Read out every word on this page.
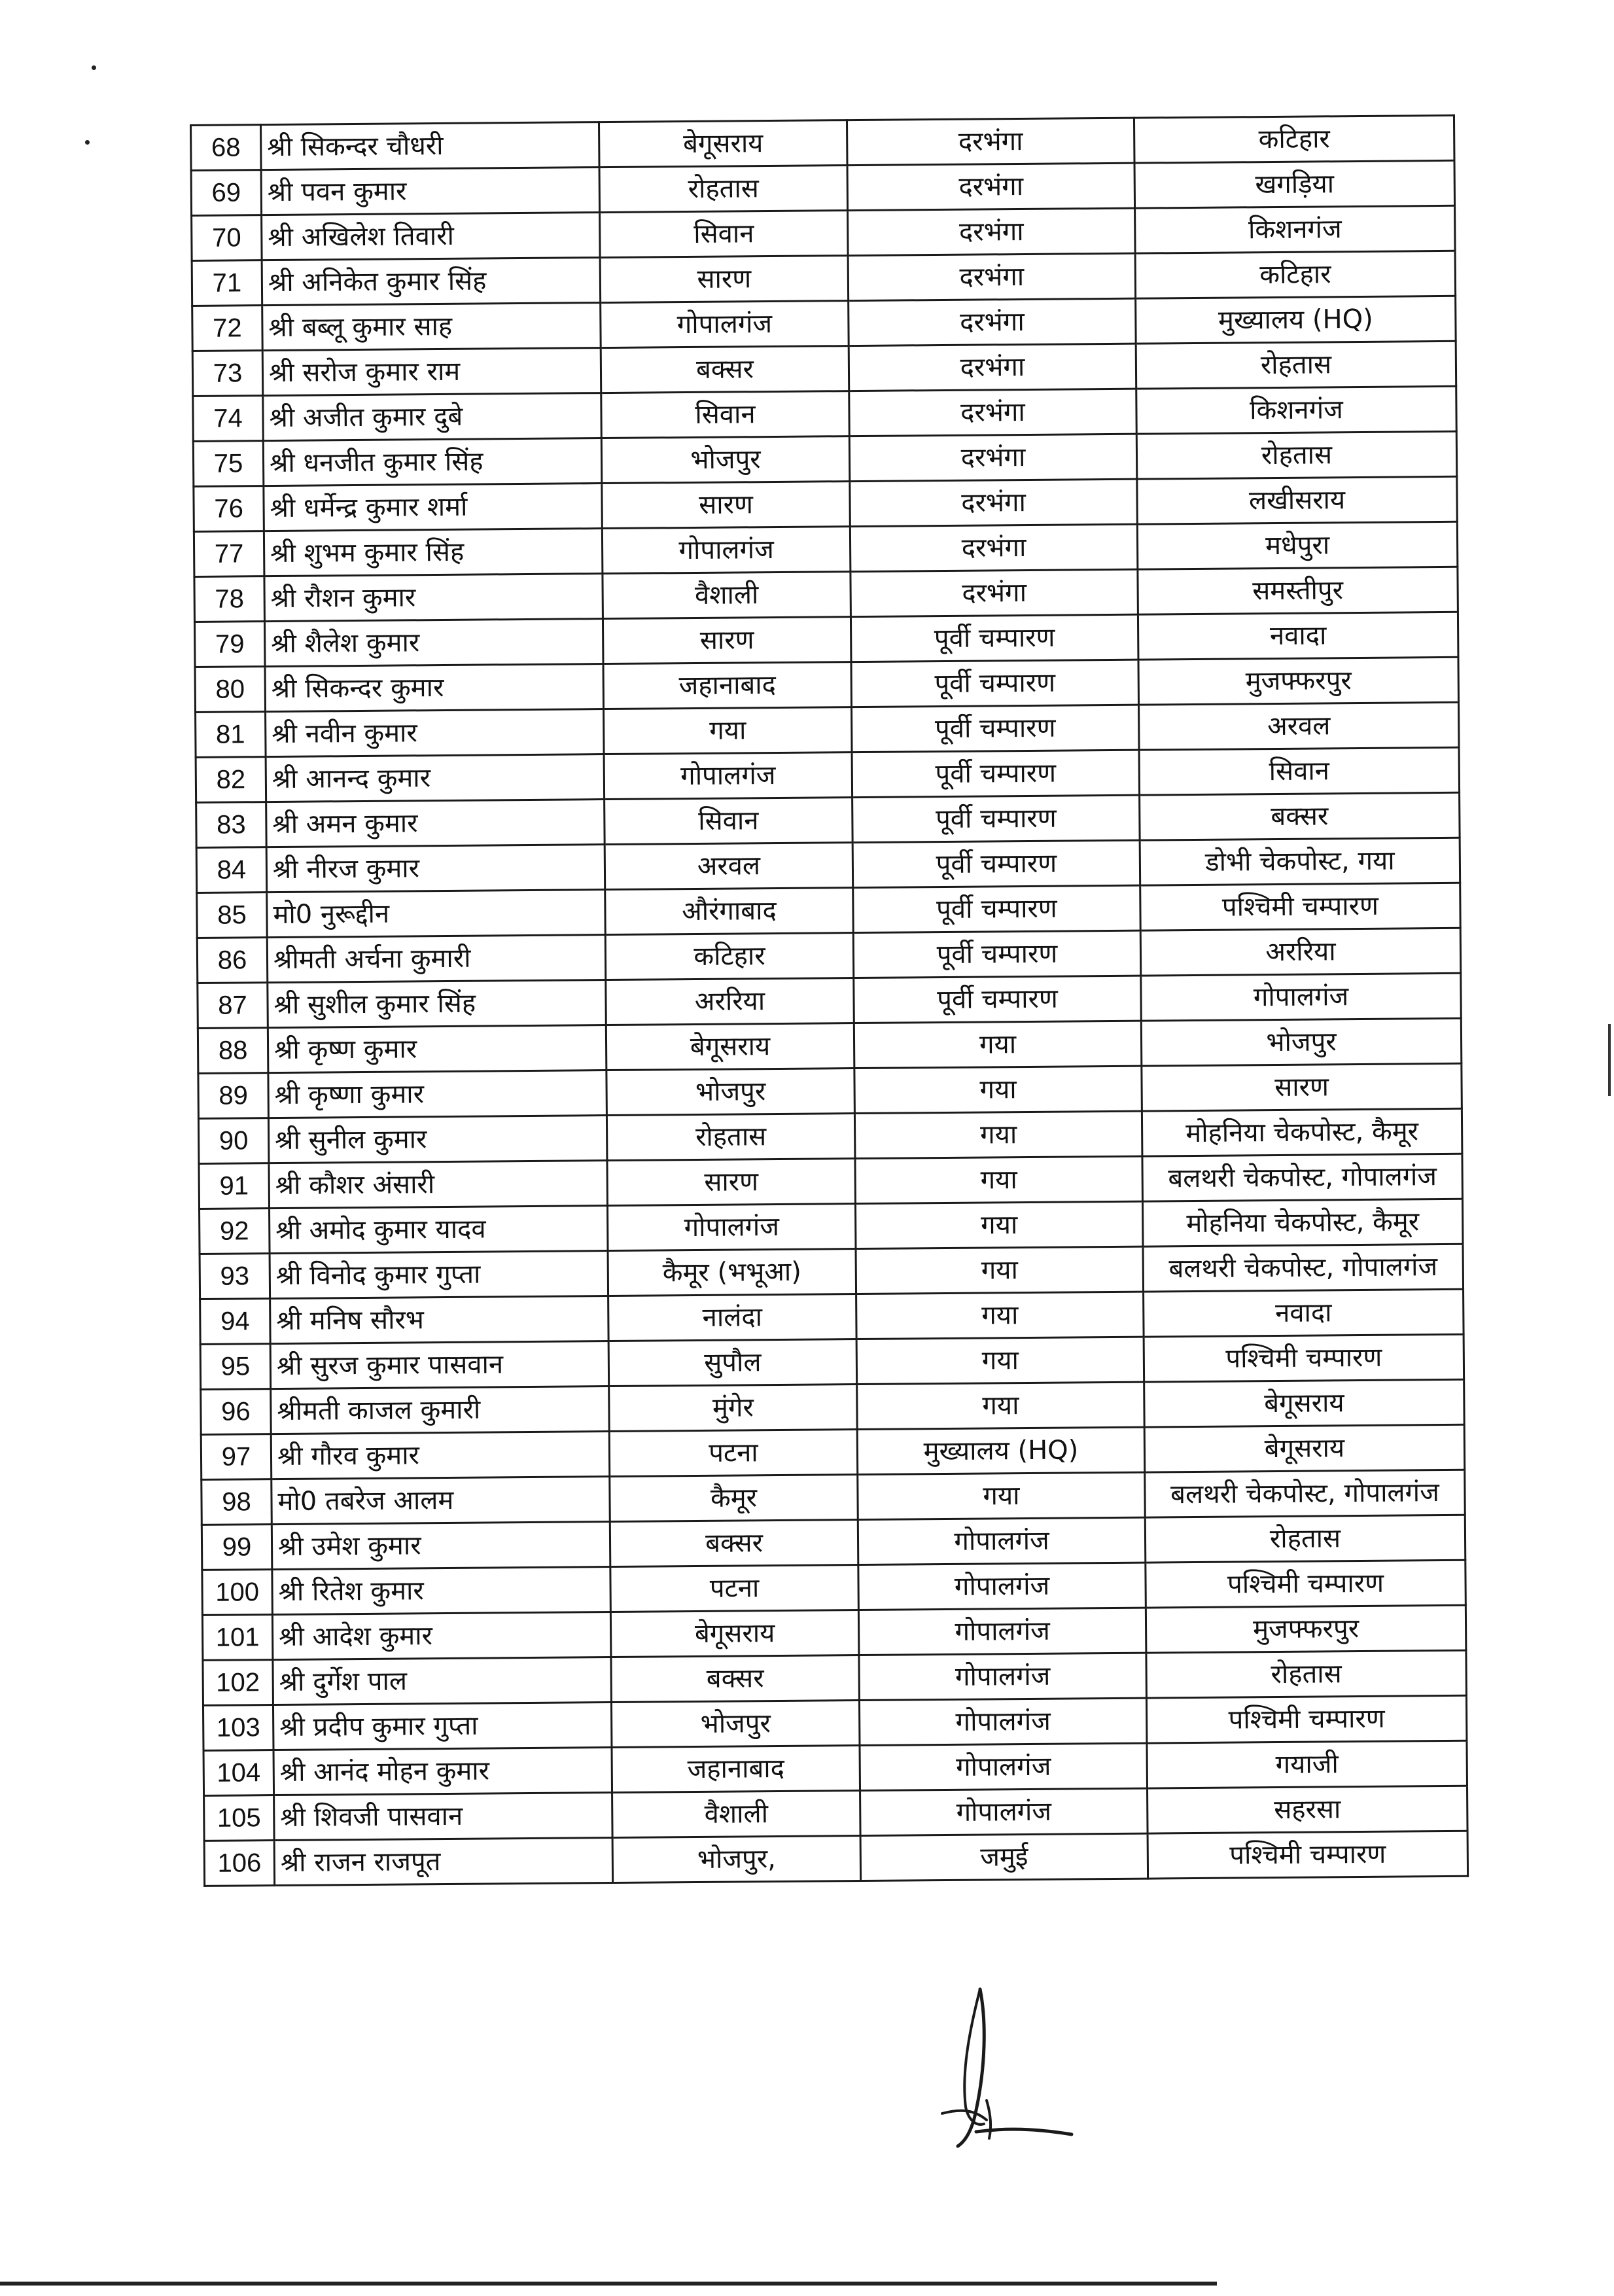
68	श्री सिकन्दर चौधरी	बेगूसराय	दरभंगा	कटिहार
69	श्री पवन कुमार	रोहतास	दरभंगा	खगड़िया
70	श्री अखिलेश तिवारी	सिवान	दरभंगा	किशनगंज
71	श्री अनिकेत कुमार सिंह	सारण	दरभंगा	कटिहार
72	श्री बब्लू कुमार साह	गोपालगंज	दरभंगा	मुख्यालय (HQ)
73	श्री सरोज कुमार राम	बक्सर	दरभंगा	रोहतास
74	श्री अजीत कुमार दुबे	सिवान	दरभंगा	किशनगंज
75	श्री धनजीत कुमार सिंह	भोजपुर	दरभंगा	रोहतास
76	श्री धर्मेन्द्र कुमार शर्मा	सारण	दरभंगा	लखीसराय
77	श्री शुभम कुमार सिंह	गोपालगंज	दरभंगा	मधेपुरा
78	श्री रौशन कुमार	वैशाली	दरभंगा	समस्तीपुर
79	श्री शैलेश कुमार	सारण	पूर्वी चम्पारण	नवादा
80	श्री सिकन्दर कुमार	जहानाबाद	पूर्वी चम्पारण	मुजफ्फरपुर
81	श्री नवीन कुमार	गया	पूर्वी चम्पारण	अरवल
82	श्री आनन्द कुमार	गोपालगंज	पूर्वी चम्पारण	सिवान
83	श्री अमन कुमार	सिवान	पूर्वी चम्पारण	बक्सर
84	श्री नीरज कुमार	अरवल	पूर्वी चम्पारण	डोभी चेकपोस्ट, गया
85	मो0 नुरूद्दीन	औरंगाबाद	पूर्वी चम्पारण	पश्चिमी चम्पारण
86	श्रीमती अर्चना कुमारी	कटिहार	पूर्वी चम्पारण	अररिया
87	श्री सुशील कुमार सिंह	अररिया	पूर्वी चम्पारण	गोपालगंज
88	श्री कृष्ण कुमार	बेगूसराय	गया	भोजपुर
89	श्री कृष्णा कुमार	भोजपुर	गया	सारण
90	श्री सुनील कुमार	रोहतास	गया	मोहनिया चेकपोस्ट, कैमूर
91	श्री कौशर अंसारी	सारण	गया	बलथरी चेकपोस्ट, गोपालगंज
92	श्री अमोद कुमार यादव	गोपालगंज	गया	मोहनिया चेकपोस्ट, कैमूर
93	श्री विनोद कुमार गुप्ता	कैमूर (भभूआ)	गया	बलथरी चेकपोस्ट, गोपालगंज
94	श्री मनिष सौरभ	नालंदा	गया	नवादा
95	श्री सुरज कुमार पासवान	सुपौल	गया	पश्चिमी चम्पारण
96	श्रीमती काजल कुमारी	मुंगेर	गया	बेगूसराय
97	श्री गौरव कुमार	पटना	मुख्यालय (HQ)	बेगूसराय
98	मो0 तबरेज आलम	कैमूर	गया	बलथरी चेकपोस्ट, गोपालगंज
99	श्री उमेश कुमार	बक्सर	गोपालगंज	रोहतास
100	श्री रितेश कुमार	पटना	गोपालगंज	पश्चिमी चम्पारण
101	श्री आदेश कुमार	बेगूसराय	गोपालगंज	मुजफ्फरपुर
102	श्री दुर्गेश पाल	बक्सर	गोपालगंज	रोहतास
103	श्री प्रदीप कुमार गुप्ता	भोजपुर	गोपालगंज	पश्चिमी चम्पारण
104	श्री आनंद मोहन कुमार	जहानाबाद	गोपालगंज	गयाजी
105	श्री शिवजी पासवान	वैशाली	गोपालगंज	सहरसा
106	श्री राजन राजपूत	भोजपुर,	जमुई	पश्चिमी चम्पारण
